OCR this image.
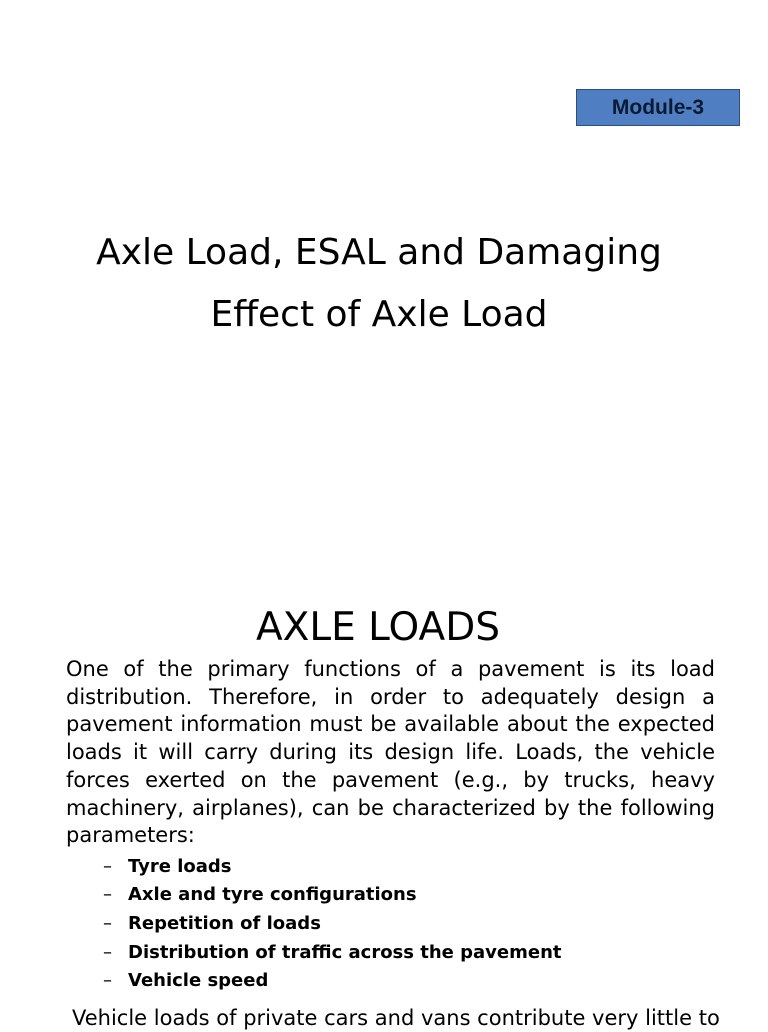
Module-3
Axle Load, ESAL and Damaging
Effect of Axle Load
AXLE LOADS

One of the primary functions of a pavement is its load distribution. Therefore, in order to adequately design a pavement information must be available about the expected loads it will carry during its design life. Loads, the vehicle forces exerted on the pavement (e.g., by trucks, heavy machinery, airplanes), can be characterized by the following parameters:

– Tyre loads
– Axle and tyre configurations
– Repetition of loads
– Distribution of traffic across the pavement
– Vehicle speed

Vehicle loads of private cars and vans contribute very little to
